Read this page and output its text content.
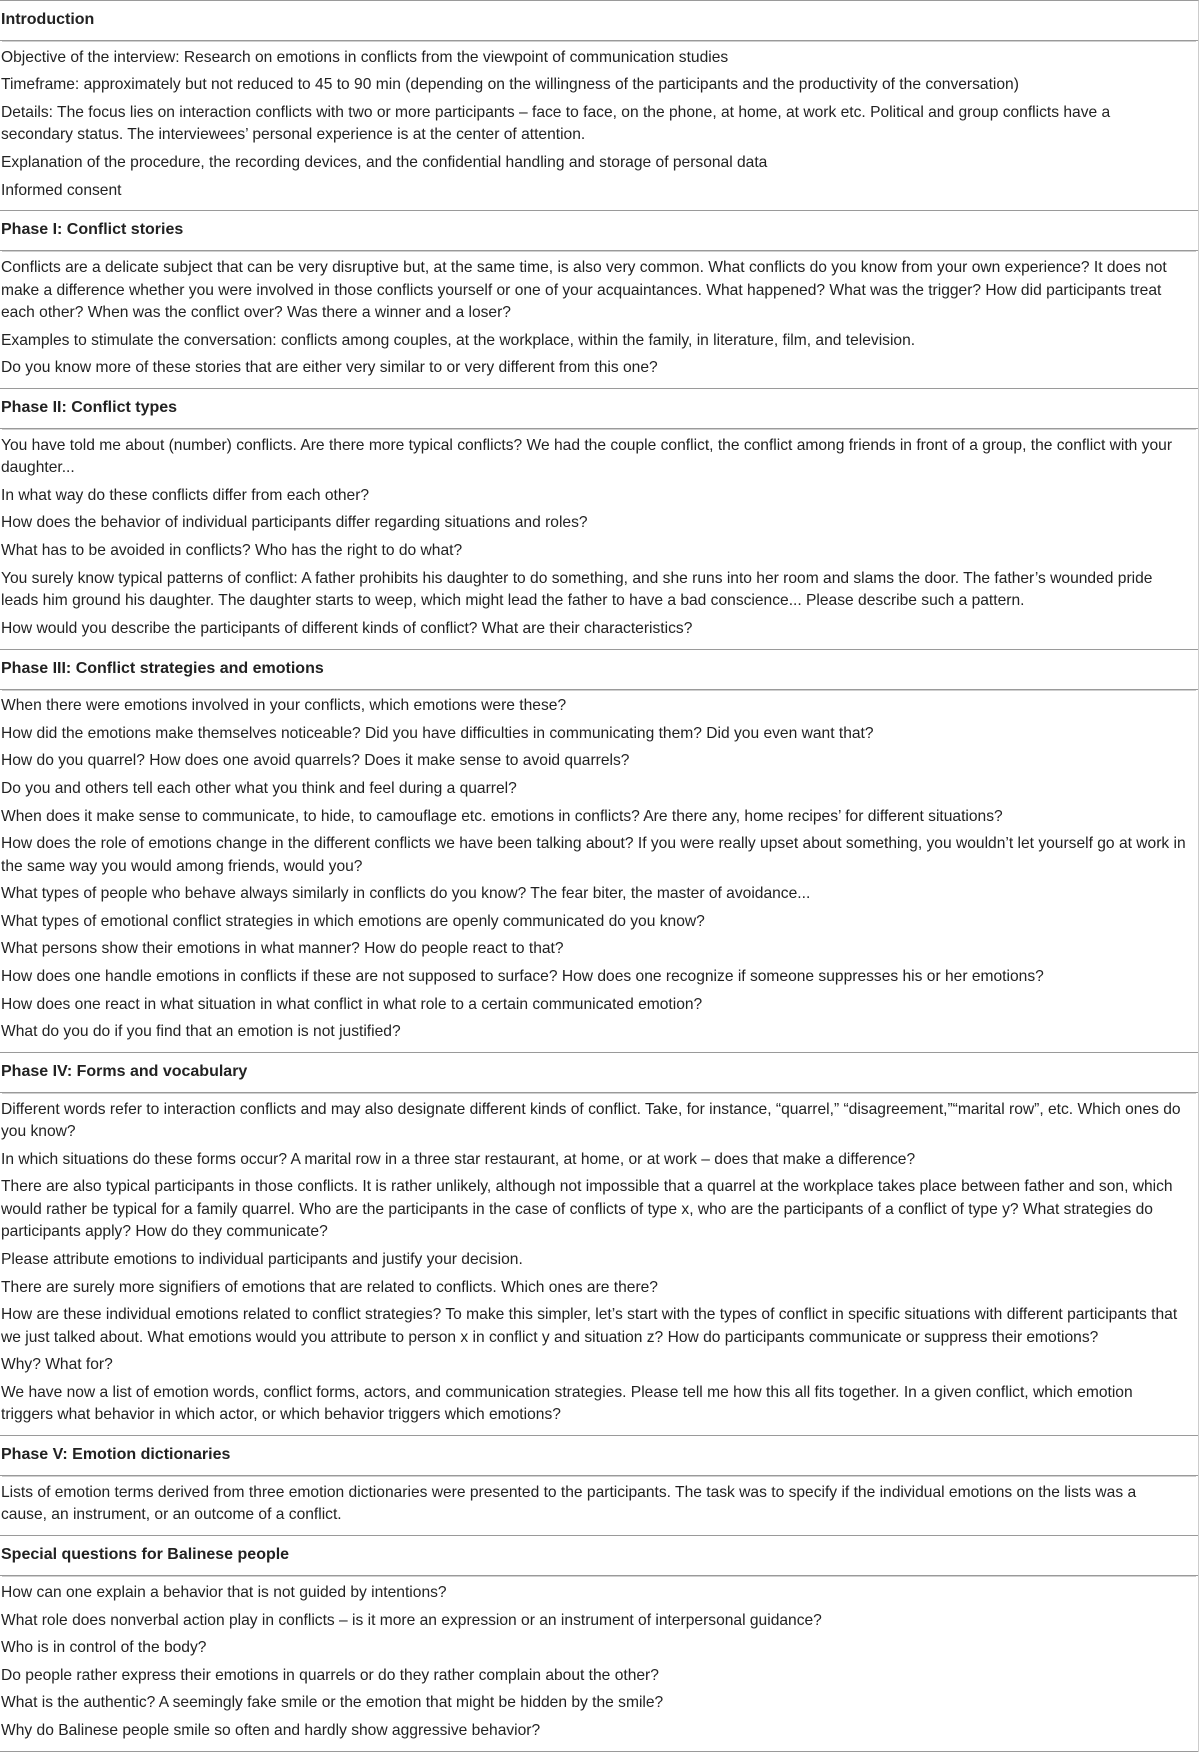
Introduction
Objective of the interview: Research on emotions in conflicts from the viewpoint of communication studies
Timeframe: approximately but not reduced to 45 to 90 min (depending on the willingness of the participants and the productivity of the conversation)
Details: The focus lies on interaction conflicts with two or more participants – face to face, on the phone, at home, at work etc. Political and group conflicts have a secondary status. The interviewees’ personal experience is at the center of attention.
Explanation of the procedure, the recording devices, and the confidential handling and storage of personal data
Informed consent
Phase I: Conflict stories
Conflicts are a delicate subject that can be very disruptive but, at the same time, is also very common. What conflicts do you know from your own experience? It does not make a difference whether you were involved in those conflicts yourself or one of your acquaintances. What happened? What was the trigger? How did participants treat each other? When was the conflict over? Was there a winner and a loser?
Examples to stimulate the conversation: conflicts among couples, at the workplace, within the family, in literature, film, and television.
Do you know more of these stories that are either very similar to or very different from this one?
Phase II: Conflict types
You have told me about (number) conflicts. Are there more typical conflicts? We had the couple conflict, the conflict among friends in front of a group, the conflict with your daughter...
In what way do these conflicts differ from each other?
How does the behavior of individual participants differ regarding situations and roles?
What has to be avoided in conflicts? Who has the right to do what?
You surely know typical patterns of conflict: A father prohibits his daughter to do something, and she runs into her room and slams the door. The father’s wounded pride leads him ground his daughter. The daughter starts to weep, which might lead the father to have a bad conscience... Please describe such a pattern.
How would you describe the participants of different kinds of conflict? What are their characteristics?
Phase III: Conflict strategies and emotions
When there were emotions involved in your conflicts, which emotions were these?
How did the emotions make themselves noticeable? Did you have difficulties in communicating them? Did you even want that?
How do you quarrel? How does one avoid quarrels? Does it make sense to avoid quarrels?
Do you and others tell each other what you think and feel during a quarrel?
When does it make sense to communicate, to hide, to camouflage etc. emotions in conflicts? Are there any, home recipes’ for different situations?
How does the role of emotions change in the different conflicts we have been talking about? If you were really upset about something, you wouldn’t let yourself go at work in the same way you would among friends, would you?
What types of people who behave always similarly in conflicts do you know? The fear biter, the master of avoidance...
What types of emotional conflict strategies in which emotions are openly communicated do you know?
What persons show their emotions in what manner? How do people react to that?
How does one handle emotions in conflicts if these are not supposed to surface? How does one recognize if someone suppresses his or her emotions?
How does one react in what situation in what conflict in what role to a certain communicated emotion?
What do you do if you find that an emotion is not justified?
Phase IV: Forms and vocabulary
Different words refer to interaction conflicts and may also designate different kinds of conflict. Take, for instance, “quarrel,” “disagreement,”“marital row”, etc. Which ones do you know?
In which situations do these forms occur? A marital row in a three star restaurant, at home, or at work – does that make a difference?
There are also typical participants in those conflicts. It is rather unlikely, although not impossible that a quarrel at the workplace takes place between father and son, which would rather be typical for a family quarrel. Who are the participants in the case of conflicts of type x, who are the participants of a conflict of type y? What strategies do participants apply? How do they communicate?
Please attribute emotions to individual participants and justify your decision.
There are surely more signifiers of emotions that are related to conflicts. Which ones are there?
How are these individual emotions related to conflict strategies? To make this simpler, let’s start with the types of conflict in specific situations with different participants that we just talked about. What emotions would you attribute to person x in conflict y and situation z? How do participants communicate or suppress their emotions?
Why? What for?
We have now a list of emotion words, conflict forms, actors, and communication strategies. Please tell me how this all fits together. In a given conflict, which emotion triggers what behavior in which actor, or which behavior triggers which emotions?
Phase V: Emotion dictionaries
Lists of emotion terms derived from three emotion dictionaries were presented to the participants. The task was to specify if the individual emotions on the lists was a cause, an instrument, or an outcome of a conflict.
Special questions for Balinese people
How can one explain a behavior that is not guided by intentions?
What role does nonverbal action play in conflicts – is it more an expression or an instrument of interpersonal guidance?
Who is in control of the body?
Do people rather express their emotions in quarrels or do they rather complain about the other?
What is the authentic? A seemingly fake smile or the emotion that might be hidden by the smile?
Why do Balinese people smile so often and hardly show aggressive behavior?
